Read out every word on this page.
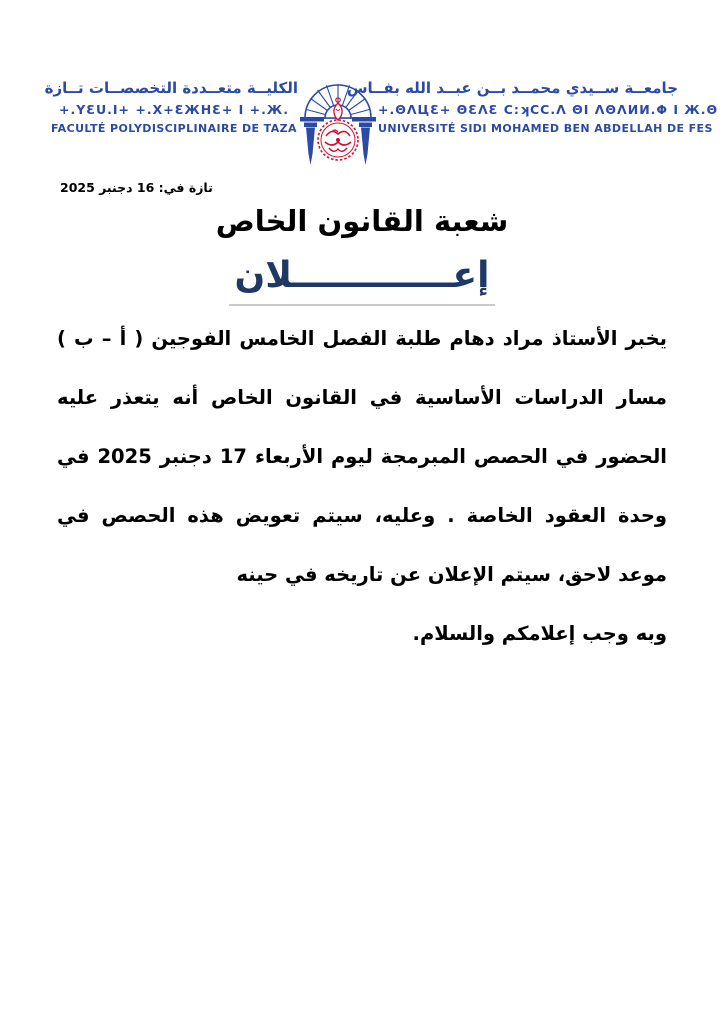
الكليــة متعــددة التخصصــات تــازة
+.YƐU.I+ +.X+ƐЖHƐ+ I +.Ж.
FACULTÉ POLYDISCIPLINAIRE DE TAZA
جامعــة ســيدي محمــد بــن عبــد الله بفــاس
+.ΘΛЦƐ+ ΘƐΛƐ C:ʞCC.Λ ΘΙ ΛΘΛИИ.Φ I Ж.Θ
UNIVERSITÉ SIDI MOHAMED BEN ABDELLAH DE FES
تازة في: 16 دجنبر 2025
شعبة القانون الخاص
إعـــــــــــــلان
يخبر الأستاذ مراد دهام طلبة الفصل الخامس الفوجين ( أ – ب )
مسار الدراسات الأساسية في القانون الخاص أنه يتعذر عليه
الحضور في الحصص المبرمجة ليوم الأربعاء 17 دجنبر 2025 في
وحدة العقود الخاصة . وعليه، سيتم تعويض هذه الحصص في
موعد لاحق، سيتم الإعلان عن تاريخه في حينه
وبه وجب إعلامكم والسلام.
